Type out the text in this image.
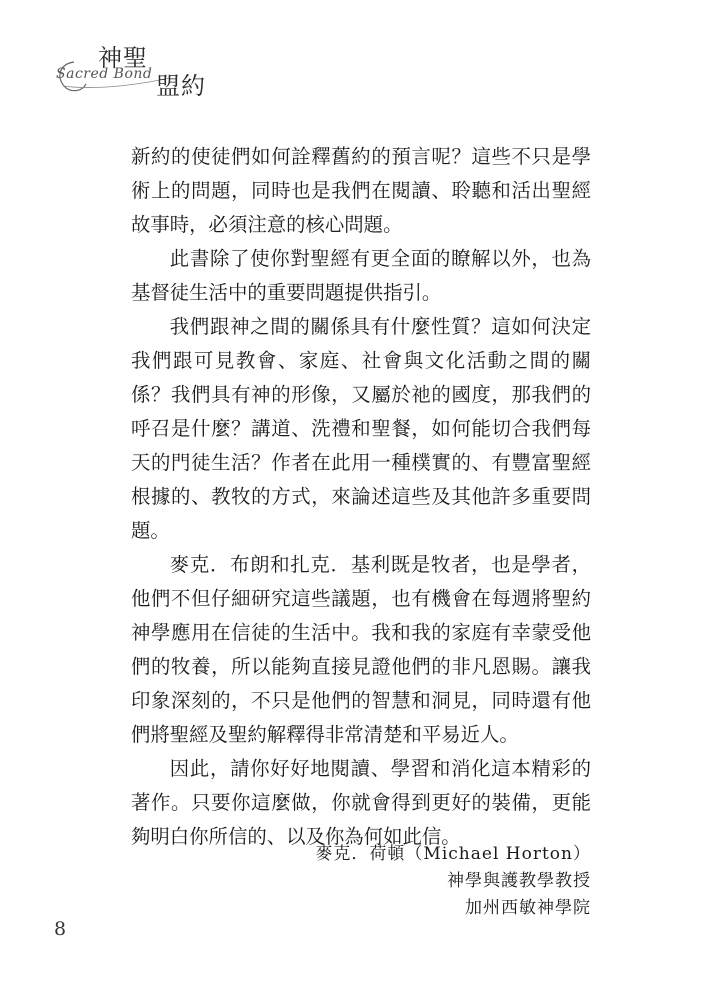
神聖
Sacred Bond 盟約

新約的使徒們如何詮釋舊約的預言呢？這些不只是學術上的問題，同時也是我們在閱讀、聆聽和活出聖經故事時，必須注意的核心問題。

此書除了使你對聖經有更全面的瞭解以外，也為基督徒生活中的重要問題提供指引。

我們跟神之間的關係具有什麼性質？這如何決定我們跟可見教會、家庭、社會與文化活動之間的關係？我們具有神的形像，又屬於祂的國度，那我們的呼召是什麼？講道、洗禮和聖餐，如何能切合我們每天的門徒生活？作者在此用一種樸實的、有豐富聖經根據的、教牧的方式，來論述這些及其他許多重要問題。

麥克．布朗和扎克．基利既是牧者，也是學者，他們不但仔細研究這些議題，也有機會在每週將聖約神學應用在信徒的生活中。我和我的家庭有幸蒙受他們的牧養，所以能夠直接見證他們的非凡恩賜。讓我印象深刻的，不只是他們的智慧和洞見，同時還有他們將聖經及聖約解釋得非常清楚和平易近人。

因此，請你好好地閱讀、學習和消化這本精彩的著作。只要你這麼做，你就會得到更好的裝備，更能夠明白你所信的、以及你為何如此信。

麥克．荷頓（Michael Horton）
神學與護教學教授
加州西敏神學院
8
